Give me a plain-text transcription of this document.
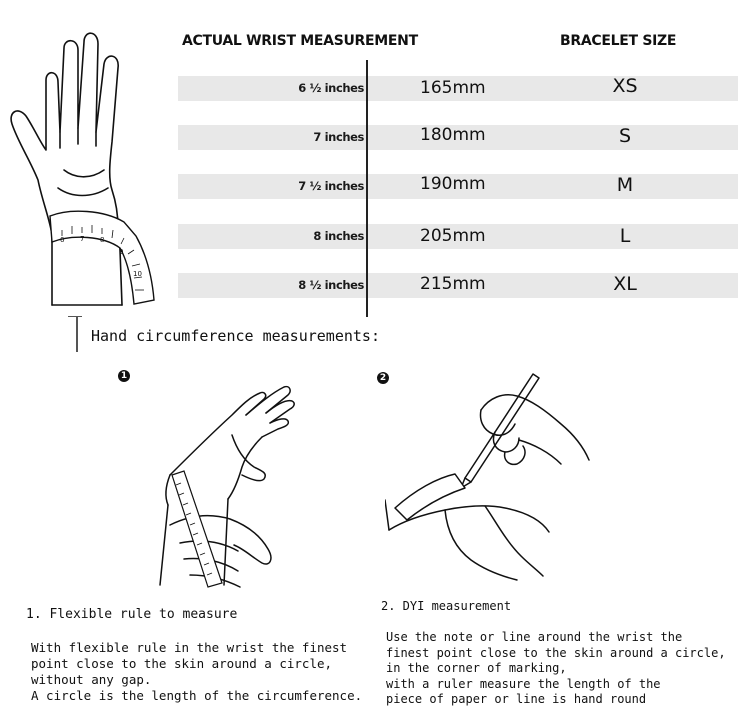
6 7 8
9
10
ACTUAL WRIST MEASUREMENT	BRACELET SIZE
6 ½ inches
7 inches
7 ½ inches
8 inches
8 ½ inches
165mm
180mm
190mm
205mm
215mm
XS
S
M
L
XL
Hand circumference measurements:
1	2
1. Flexible rule to measure
2. DYI measurement
With flexible rule in the wrist the finest
point close to the skin around a circle,
without any gap.
A circle is the length of the circumference.
Use the note or line around the wrist the
finest point close to the skin around a circle,
in the corner of marking,
with a ruler measure the length of the
piece of paper or line is hand round
